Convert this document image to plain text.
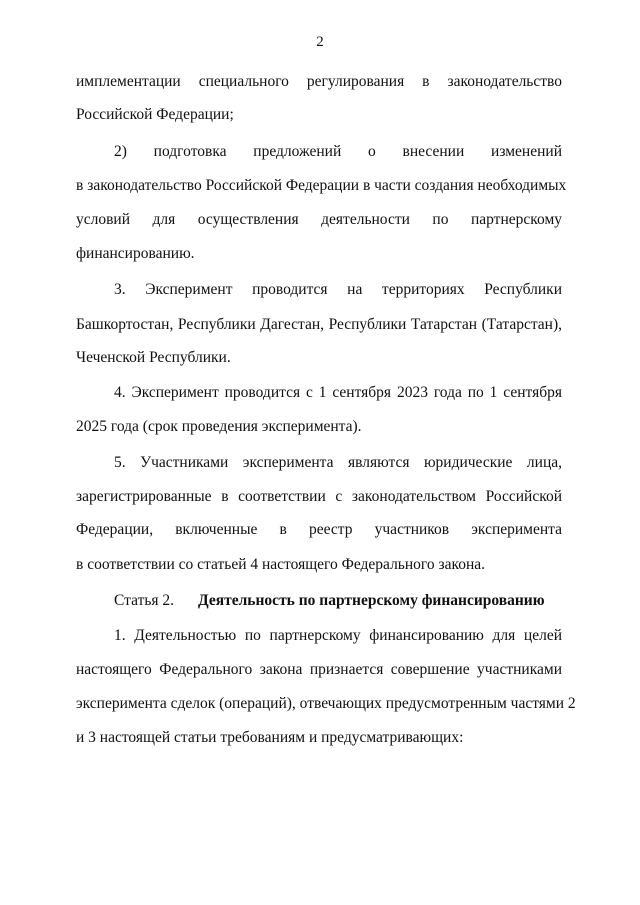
2
имплементации специального регулирования в законодательство
Российской Федерации;
2) подготовка предложений о внесении изменений
в законодательство Российской Федерации в части создания необходимых
условий для осуществления деятельности по партнерскому
финансированию.
3. Эксперимент проводится на территориях Республики
Башкортостан, Республики Дагестан, Республики Татарстан (Татарстан),
Чеченской Республики.
4. Эксперимент проводится с 1 сентября 2023 года по 1 сентября
2025 года (срок проведения эксперимента).
5. Участниками эксперимента являются юридические лица,
зарегистрированные в соответствии с законодательством Российской
Федерации, включенные в реестр участников эксперимента
в соответствии со статьей 4 настоящего Федерального закона.
Статья 2. Деятельность по партнерскому финансированию
1. Деятельностью по партнерскому финансированию для целей
настоящего Федерального закона признается совершение участниками
эксперимента сделок (операций), отвечающих предусмотренным частями 2
и 3 настоящей статьи требованиям и предусматривающих:
